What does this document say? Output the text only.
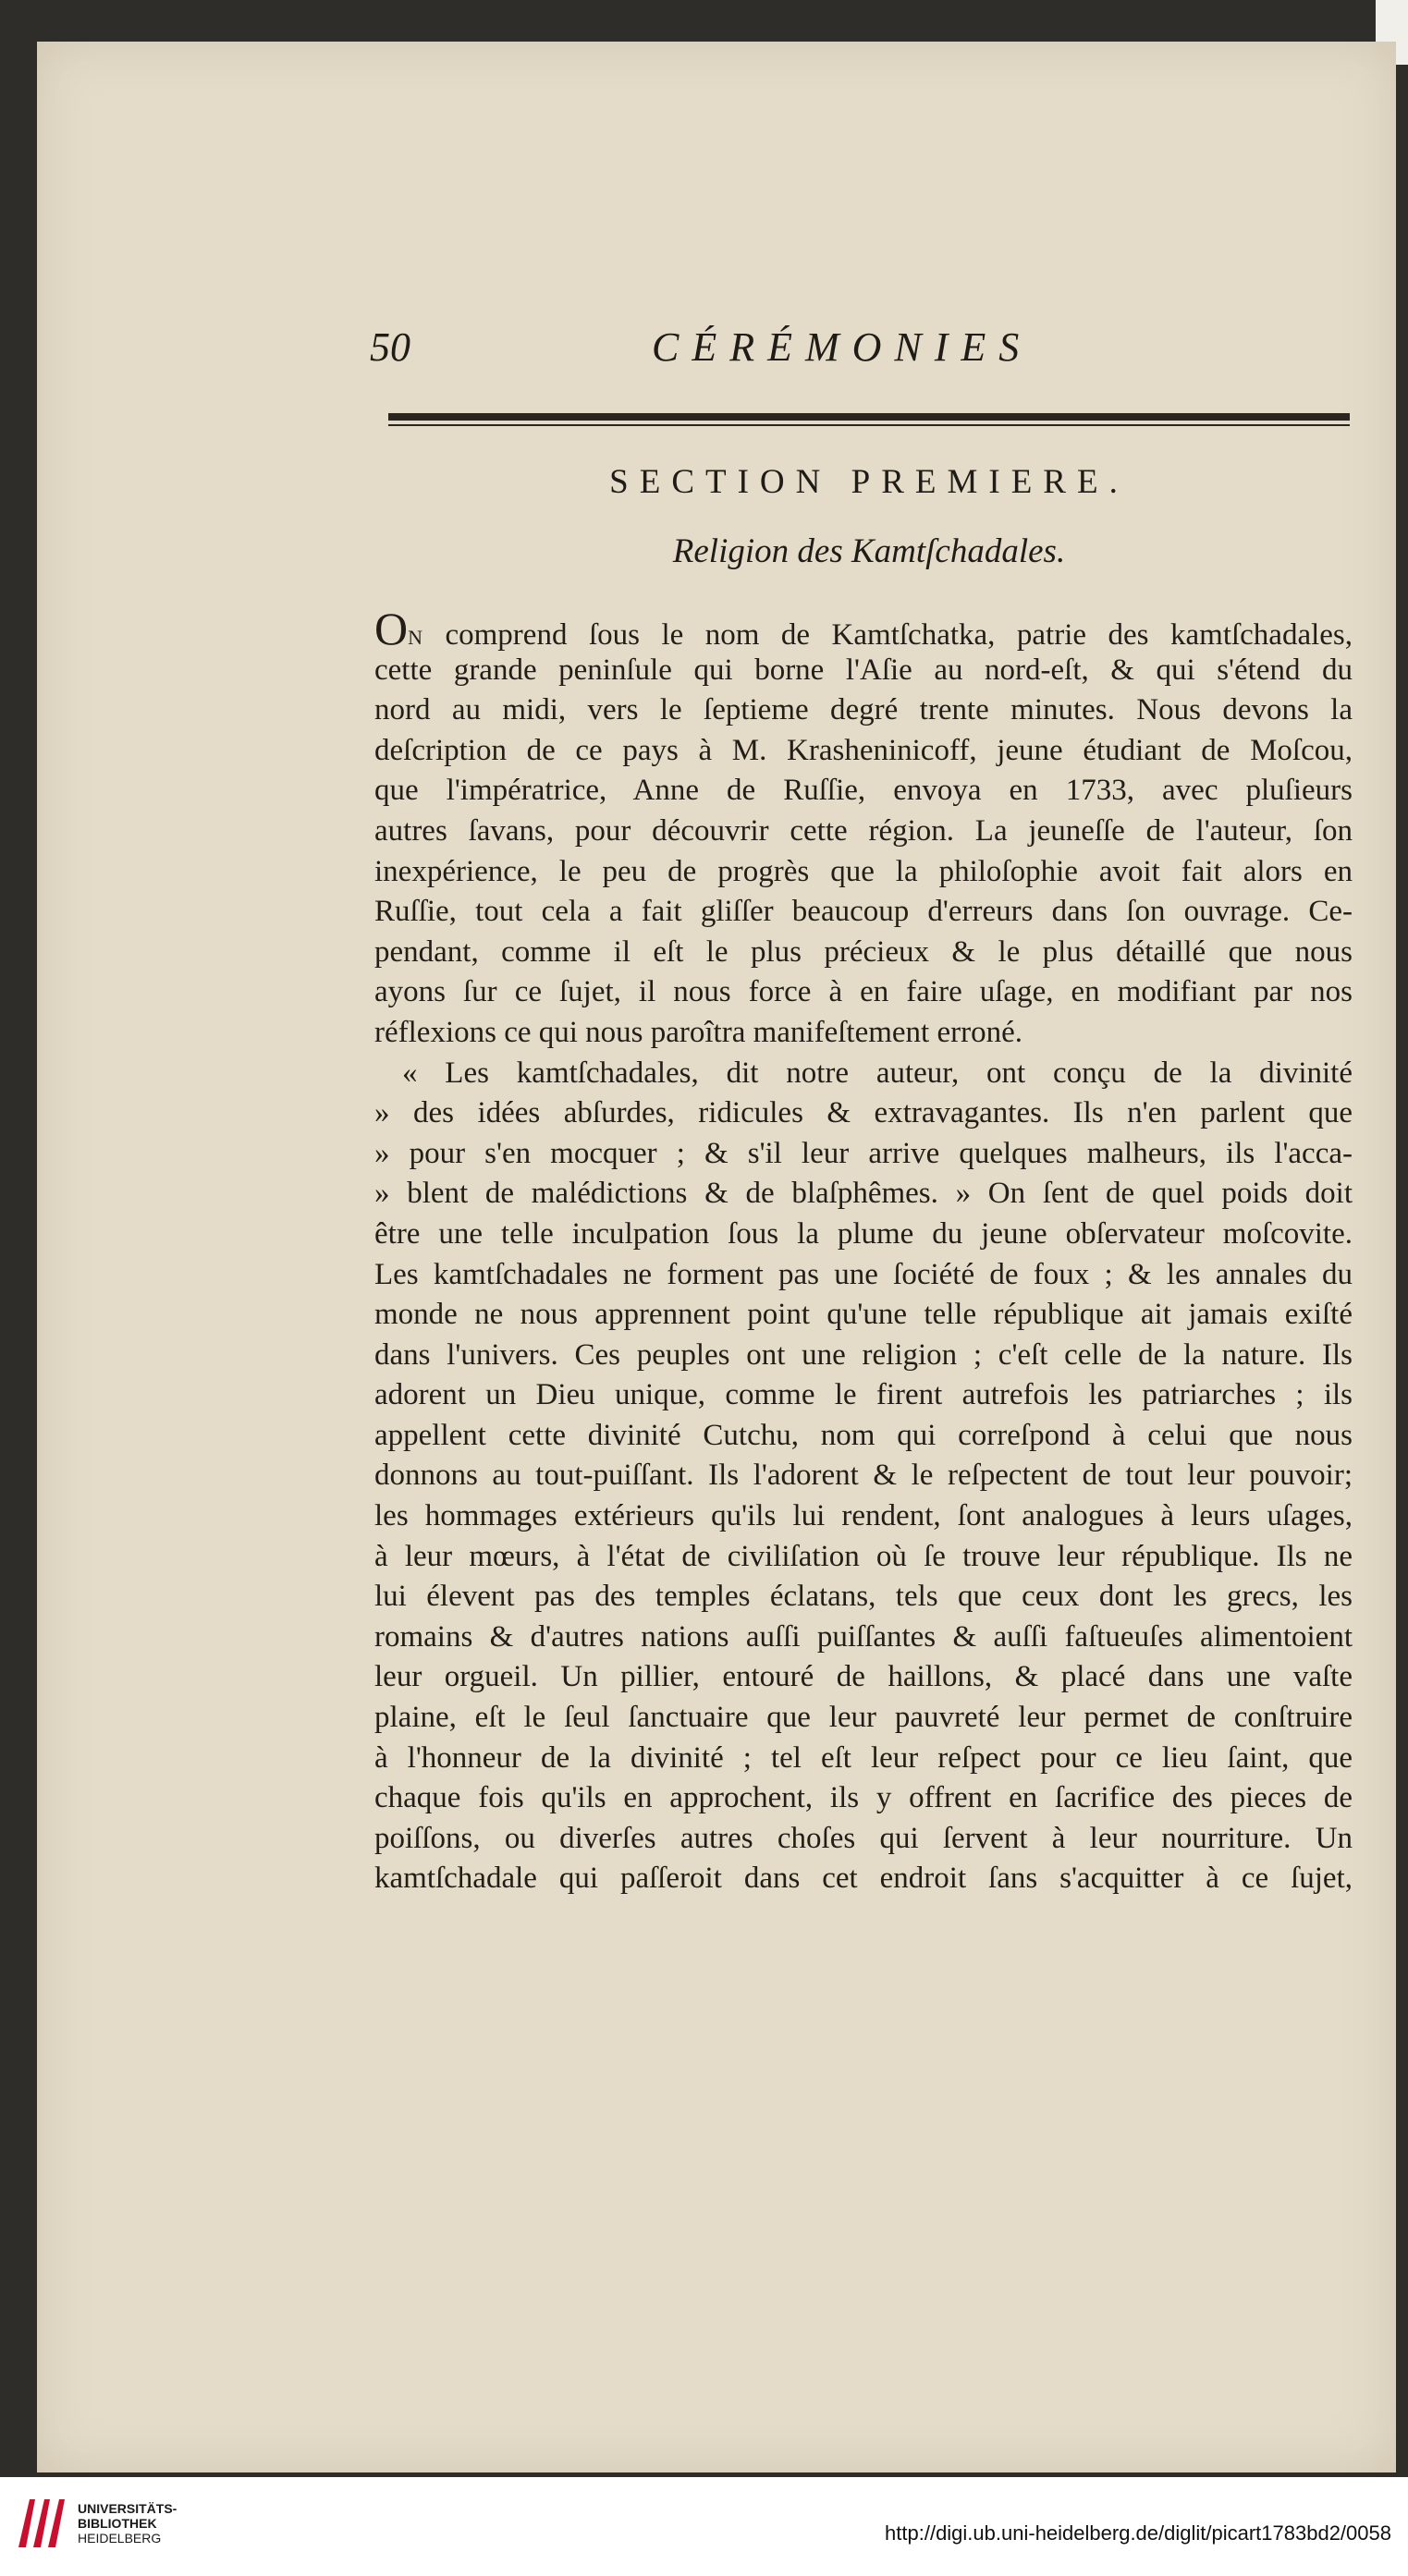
50	CÉRÉMONIES
SECTION PREMIERE.
Religion des Kamtſchadales.
ON comprend ſous le nom de Kamtſchatka, patrie des kamtſchadales,
cette grande peninſule qui borne l'Aſie au nord-eſt, & qui s'étend du
nord au midi, vers le ſeptieme degré trente minutes. Nous devons la
deſcription de ce pays à M. Krasheninicoff, jeune étudiant de Moſcou,
que l'impératrice, Anne de Ruſſie, envoya en 1733, avec pluſieurs
autres ſavans, pour découvrir cette région. La jeuneſſe de l'auteur, ſon
inexpérience, le peu de progrès que la philoſophie avoit fait alors en
Ruſſie, tout cela a fait gliſſer beaucoup d'erreurs dans ſon ouvrage. Ce-
pendant, comme il eſt le plus précieux & le plus détaillé que nous
ayons ſur ce ſujet, il nous force à en faire uſage, en modifiant par nos
réflexions ce qui nous paroîtra manifeſtement erroné.
« Les kamtſchadales, dit notre auteur, ont conçu de la divinité
» des idées abſurdes, ridicules & extravagantes. Ils n'en parlent que
» pour s'en mocquer ; & s'il leur arrive quelques malheurs, ils l'acca-
» blent de malédictions & de blaſphêmes. » On ſent de quel poids doit
être une telle inculpation ſous la plume du jeune obſervateur moſcovite.
Les kamtſchadales ne forment pas une ſociété de foux ; & les annales du
monde ne nous apprennent point qu'une telle république ait jamais exiſté
dans l'univers. Ces peuples ont une religion ; c'eſt celle de la nature. Ils
adorent un Dieu unique, comme le firent autrefois les patriarches ; ils
appellent cette divinité Cutchu, nom qui correſpond à celui que nous
donnons au tout-puiſſant. Ils l'adorent & le reſpectent de tout leur pouvoir;
les hommages extérieurs qu'ils lui rendent, ſont analogues à leurs uſages,
à leur mœurs, à l'état de civiliſation où ſe trouve leur république. Ils ne
lui élevent pas des temples éclatans, tels que ceux dont les grecs, les
romains & d'autres nations auſſi puiſſantes & auſſi faſtueuſes alimentoient
leur orgueil. Un pillier, entouré de haillons, & placé dans une vaſte
plaine, eſt le ſeul ſanctuaire que leur pauvreté leur permet de conſtruire
à l'honneur de la divinité ; tel eſt leur reſpect pour ce lieu ſaint, que
chaque fois qu'ils en approchent, ils y offrent en ſacrifice des pieces de
poiſſons, ou diverſes autres choſes qui ſervent à leur nourriture. Un
kamtſchadale qui paſſeroit dans cet endroit ſans s'acquitter à ce ſujet,
UNIVERSITÄTS-
BIBLIOTHEK
HEIDELBERG	http://digi.ub.uni-heidelberg.de/diglit/picart1783bd2/0058
